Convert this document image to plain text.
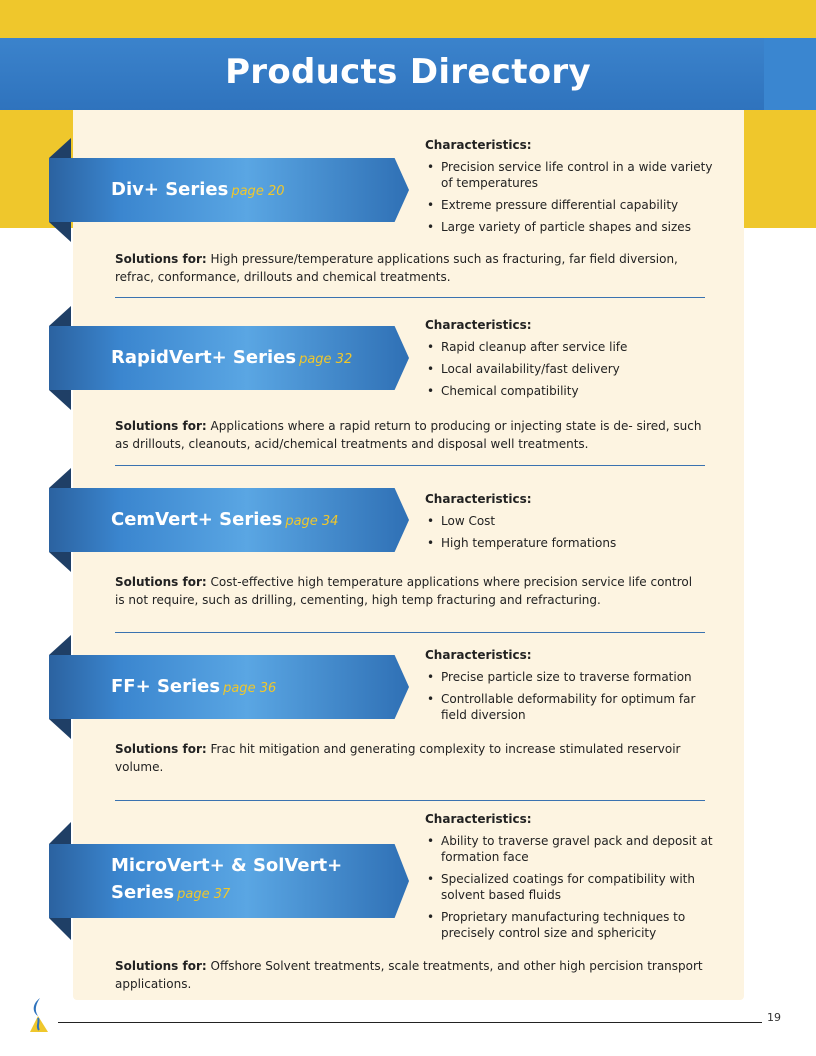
Products Directory
Div+ Series page 20
Characteristics:
• Precision service life control in a wide variety of temperatures
• Extreme pressure differential capability
• Large variety of particle shapes and sizes
Solutions for: High pressure/temperature applications such as fracturing, far field diversion, refrac, conformance, drillouts and chemical treatments.
RapidVert+ Series page 32
Characteristics:
• Rapid cleanup after service life
• Local availability/fast delivery
• Chemical compatibility
Solutions for: Applications where a rapid return to producing or injecting state is de- sired, such as drillouts, cleanouts, acid/chemical treatments and disposal well treatments.
CemVert+ Series page 34
Characteristics:
• Low Cost
• High temperature formations
Solutions for: Cost-effective high temperature applications where precision service life control is not require, such as drilling, cementing, high temp fracturing and refracturing.
FF+ Series page 36
Characteristics:
• Precise particle size to traverse formation
• Controllable deformability for optimum far field diversion
Solutions for: Frac hit mitigation and generating complexity to increase stimulated reservoir volume.
MicroVert+ & SolVert+
Series page 37
Characteristics:
• Ability to traverse gravel pack and deposit at formation face
• Specialized coatings for compatibility with solvent based fluids
• Proprietary manufacturing techniques to precisely control size and sphericity
Solutions for: Offshore Solvent treatments, scale treatments, and other high percision transport applications.
19
